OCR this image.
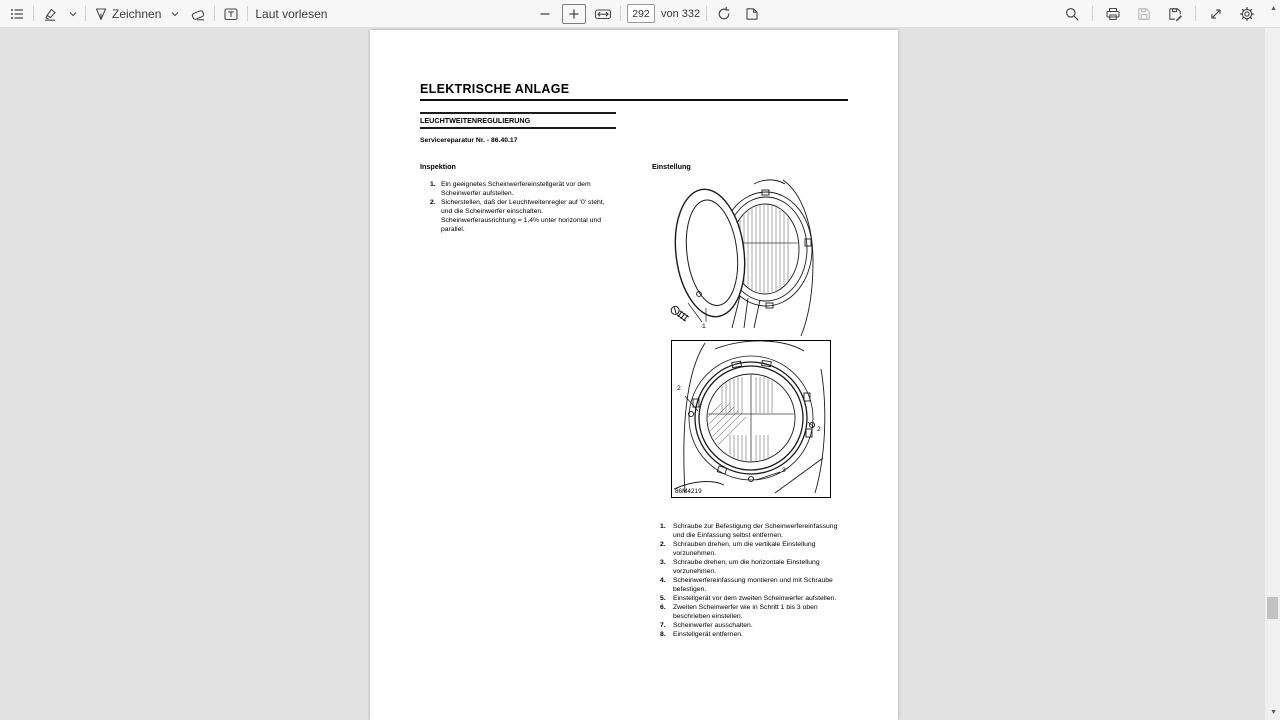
Zeichnen	Laut vorlesen
292	von 332	▲
▼
ELEKTRISCHE ANLAGE
LEUCHTWEITENREGULIERUNG
Servicereparatur Nr. - 86.40.17
Inspektion
1. Ein geeignetes Scheinwerfereinstellgerät vor dem Scheinwerfer aufstellen.
2. Sicherstellen, daß der Leuchtweitenregler auf '0' steht, und die Scheinwerfer einschalten. Scheinwerferausrichtung = 1,4% unter horizontal und parallel.
Einstellung
1
2
2
3
86M4219
1.	Schraube zur Befestigung der Scheinwerfereinfassung und die Einfassung selbst entfernen.
2.	Schrauben drehen, um die vertikale Einstellung vorzunehmen.
3.	Schraube drehen, um die horizontale Einstellung vorzunehmen.
4.	Scheinwerfereinfassung montieren und mit Schraube befestigen.
5.	Einstellgerät vor dem zweiten Scheinwerfer aufstellen.
6.	Zweiten Scheinwerfer wie in Schritt 1 bis 3 oben beschrieben einstellen.
7.	Scheinwerfer ausschalten.
8.	Einstellgerät entfernen.
